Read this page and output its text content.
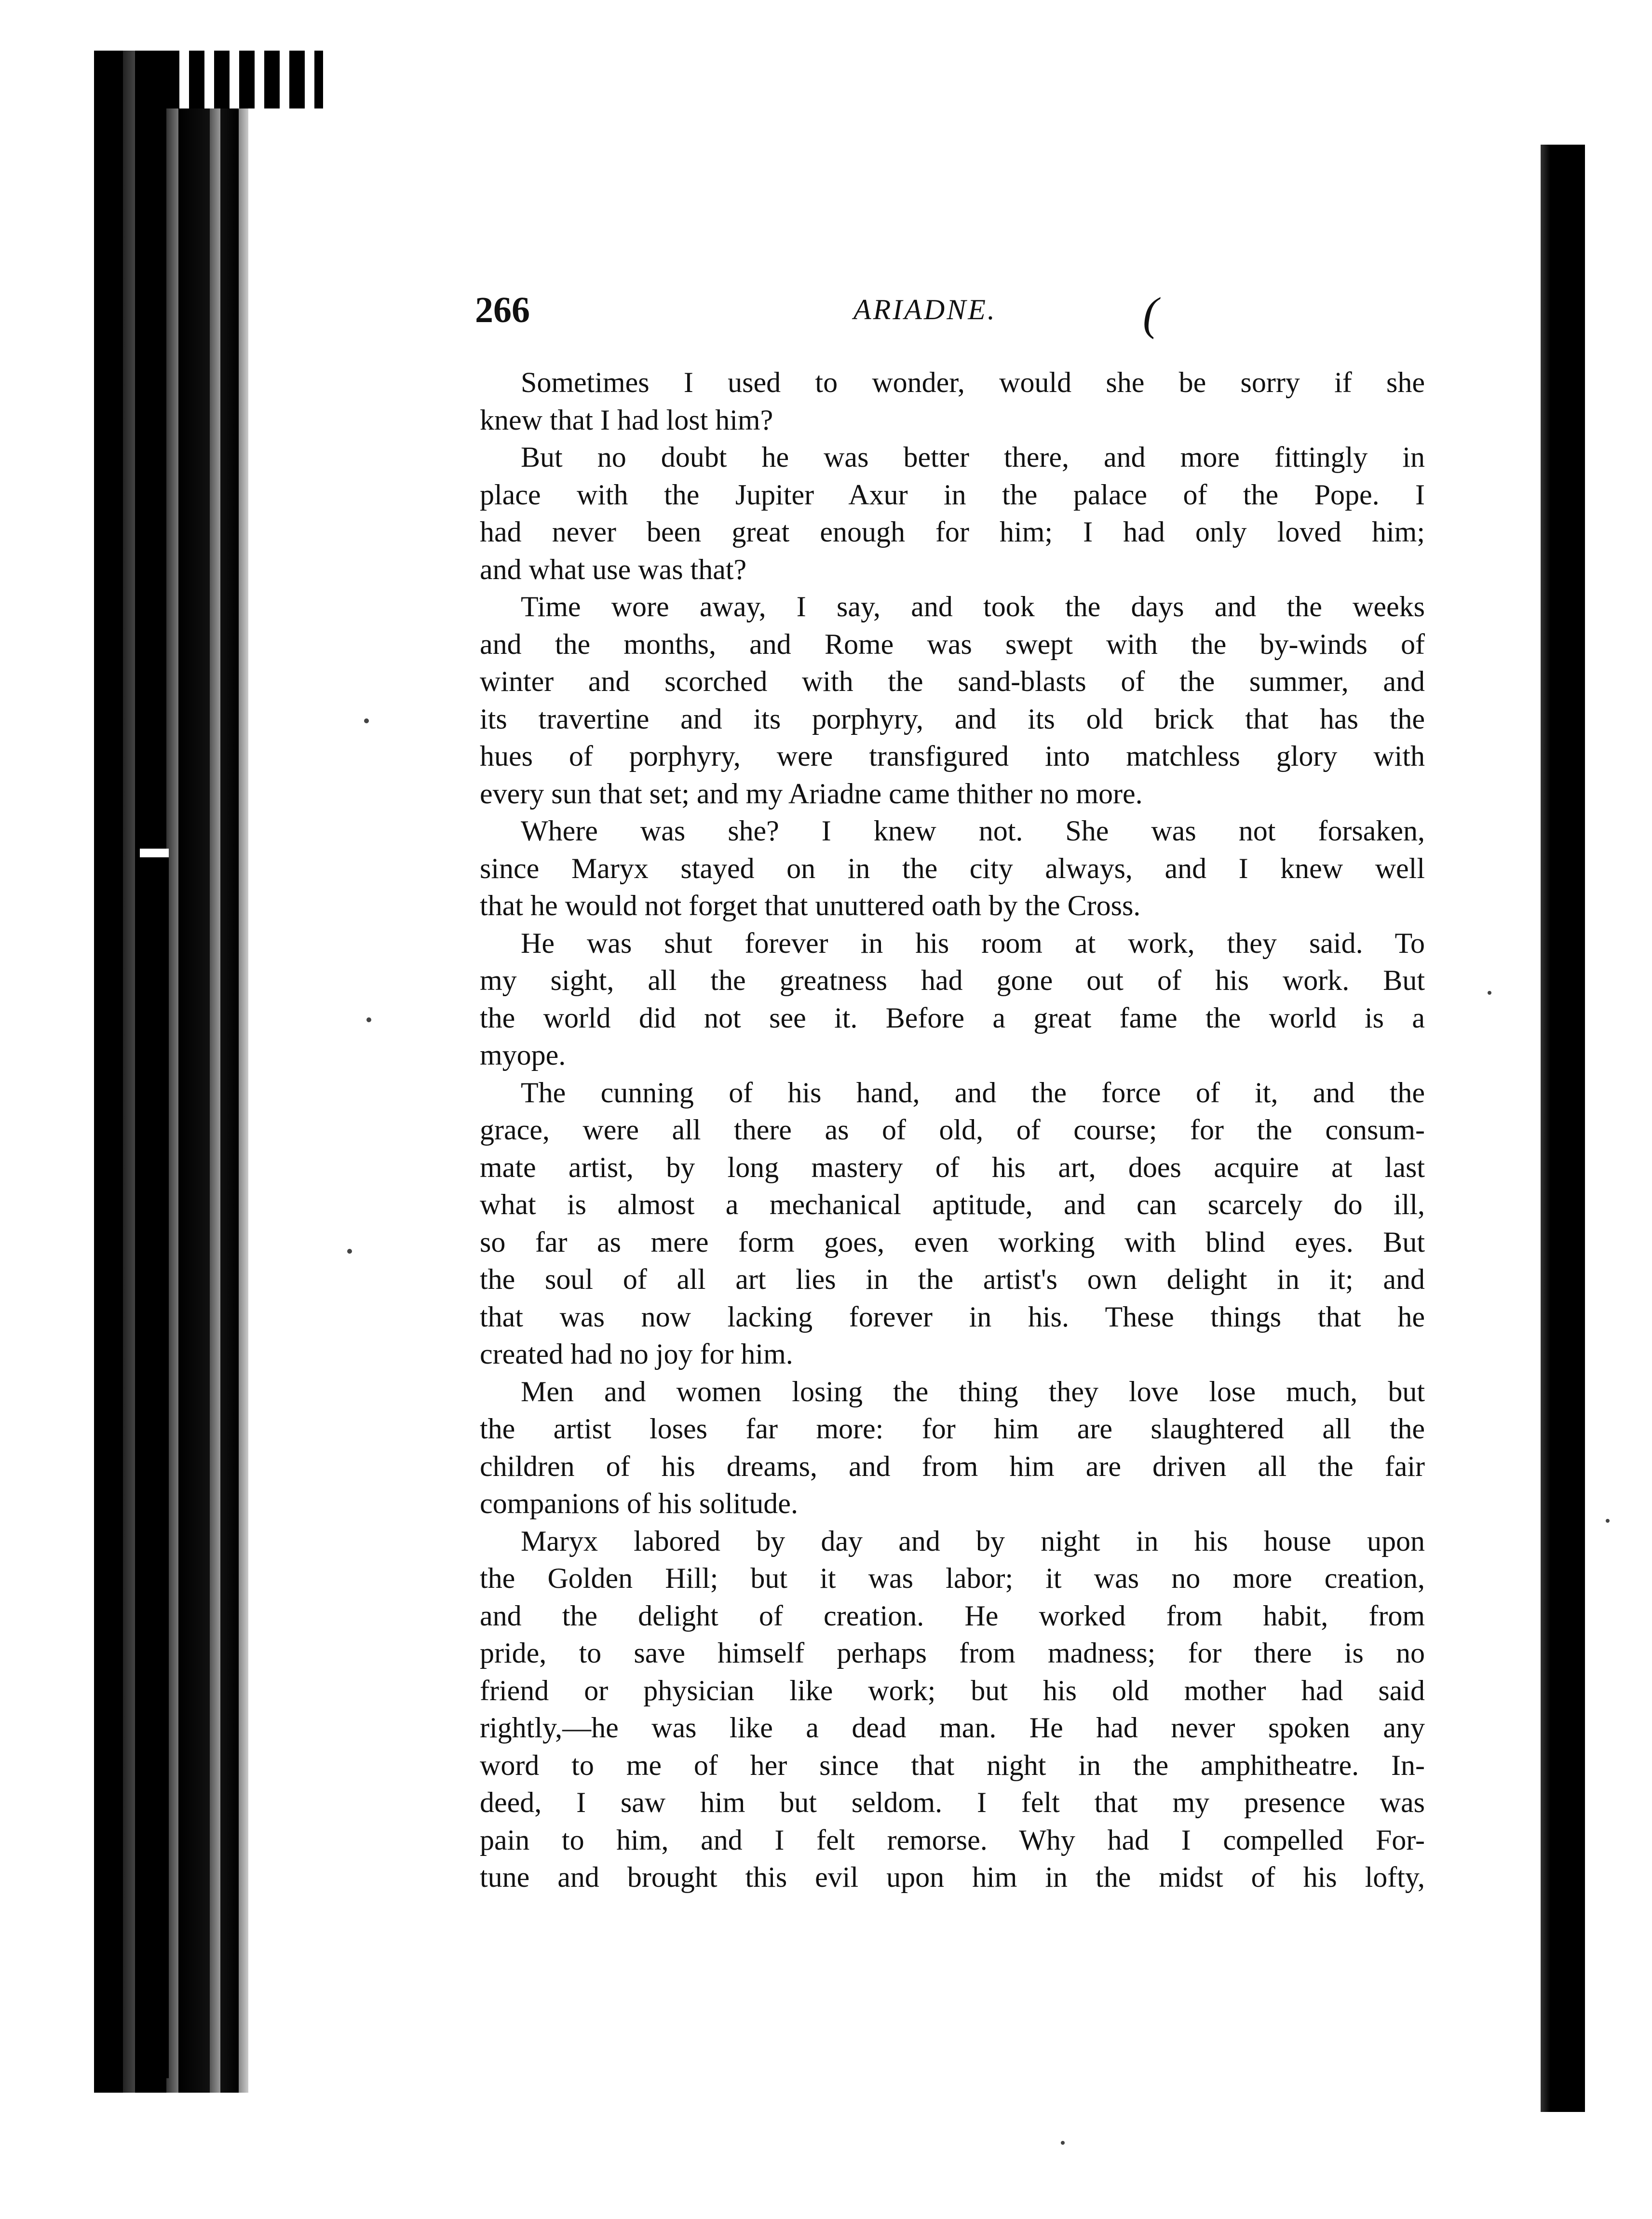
266	ARIADNE.	(
Sometimes I used to wonder, would she be sorry if she
knew that I had lost him?
But no doubt he was better there, and more fittingly in
place with the Jupiter Axur in the palace of the Pope. I
had never been great enough for him; I had only loved him;
and what use was that?
Time wore away, I say, and took the days and the weeks
and the months, and Rome was swept with the by-winds of
winter and scorched with the sand-blasts of the summer, and
its travertine and its porphyry, and its old brick that has the
hues of porphyry, were transfigured into matchless glory with
every sun that set; and my Ariadne came thither no more.
Where was she? I knew not. She was not forsaken,
since Maryx stayed on in the city always, and I knew well
that he would not forget that unuttered oath by the Cross.
He was shut forever in his room at work, they said. To
my sight, all the greatness had gone out of his work. But
the world did not see it. Before a great fame the world is a
myope.
The cunning of his hand, and the force of it, and the
grace, were all there as of old, of course; for the consum-
mate artist, by long mastery of his art, does acquire at last
what is almost a mechanical aptitude, and can scarcely do ill,
so far as mere form goes, even working with blind eyes. But
the soul of all art lies in the artist's own delight in it; and
that was now lacking forever in his. These things that he
created had no joy for him.
Men and women losing the thing they love lose much, but
the artist loses far more: for him are slaughtered all the
children of his dreams, and from him are driven all the fair
companions of his solitude.
Maryx labored by day and by night in his house upon
the Golden Hill; but it was labor; it was no more creation,
and the delight of creation. He worked from habit, from
pride, to save himself perhaps from madness; for there is no
friend or physician like work; but his old mother had said
rightly,—he was like a dead man. He had never spoken any
word to me of her since that night in the amphitheatre. In-
deed, I saw him but seldom. I felt that my presence was
pain to him, and I felt remorse. Why had I compelled For-
tune and brought this evil upon him in the midst of his lofty,
